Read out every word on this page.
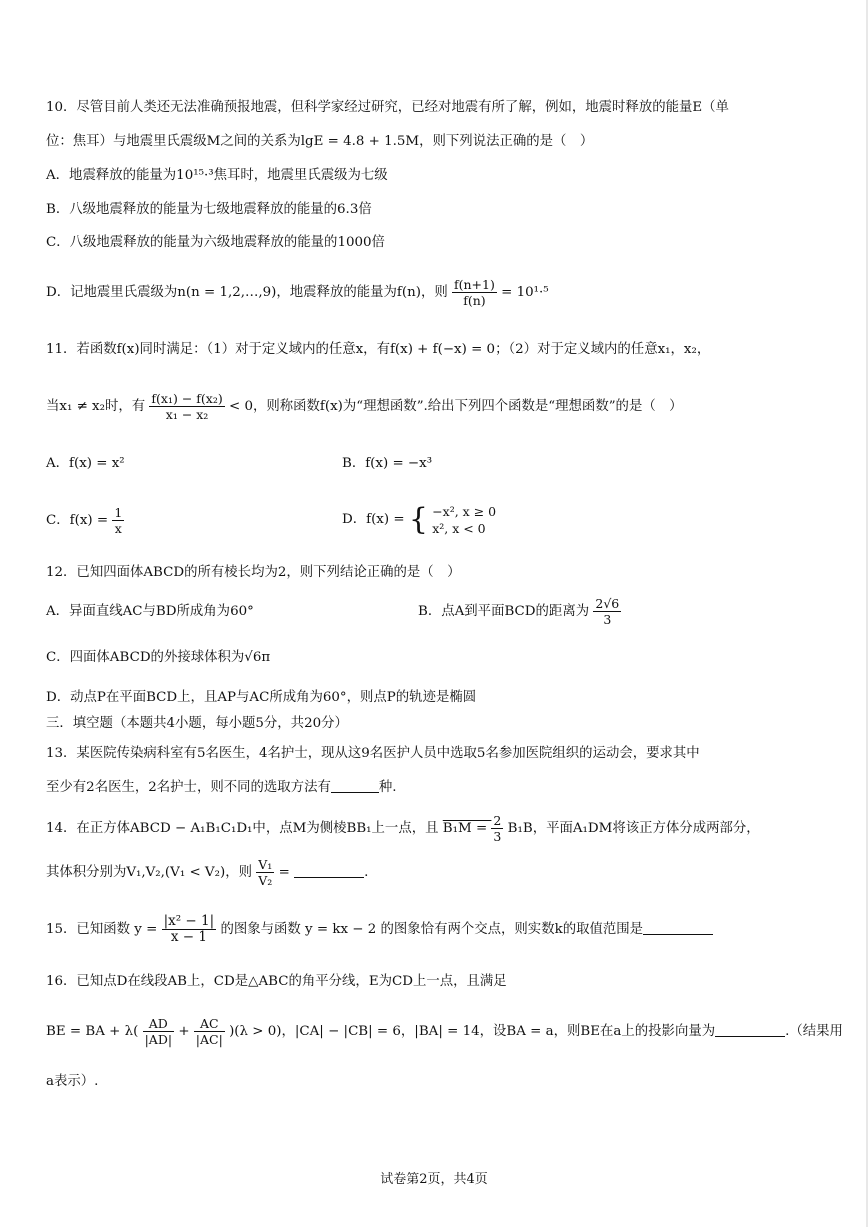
10．尽管目前人类还无法准确预报地震，但科学家经过研究，已经对地震有所了解，例如，地震时释放的能量E（单
位：焦耳）与地震里氏震级M之间的关系为lgE = 4.8 + 1.5M，则下列说法正确的是（　）
A．地震释放的能量为10¹⁵·³焦耳时，地震里氏震级为七级
B．八级地震释放的能量为七级地震释放的能量的6.3倍
C．八级地震释放的能量为六级地震释放的能量的1000倍
D．记地震里氏震级为n(n = 1,2,…,9)，地震释放的能量为f(n)，则 $\frac{f(n+1)}{f(n)} = 10^1\cdot^5$
11．若函数f(x)同时满足：（1）对于定义域内的任意x，有f(x) + f(−x) = 0；（2）对于定义域内的任意x₁，x₂，
当x₁ ≠ x₂时，有 $\frac{\text{f(x₁) − f(x₂)}}{\text{x₁ − x₂}} < 0$，则称函数f(x)为“理想函数”.给出下列四个函数是“理想函数”的是（　）
A．f(x) = x²	B．f(x) = −x³
C．$f(x) = \frac{1}{x}$	D．f(x) = { −x², x ≥ 0
x², x < 0
12．已知四面体ABCD的所有棱长均为2，则下列结论正确的是（　）
A．异面直线AC与BD所成角为60°	B．点A到平面BCD的距离为 $\frac{2√6}{3}$
C．四面体ABCD的外接球体积为√6π
D．动点P在平面BCD上，且AP与AC所成角为60°，则点P的轨迹是椭圆
三．填空题（本题共4小题，每小题5分，共20分）
13．某医院传染病科室有5名医生，4名护士，现从这9名医护人员中选取5名参加医院组织的运动会，要求其中
至少有2名医生，2名护士，则不同的选取方法有	种.
14．在正方体ABCD − A₁B₁C₁D₁中，点M为侧棱BB₁上一点，且 $B_1M = \frac{2}{3} B_1B$，平面A₁DM将该正方体分成两部分，
其体积分别为V₁,V₂,(V₁ < V₂)，则 $\frac{\text{V₁}}{\text{V₂}}$ =	.
15．已知函数 $y = \frac{\text{|x² − 1|}}{x - 1}$ 的图象与函数 y = kx − 2 的图象恰有两个交点，则实数k的取值范围是
16．已知点D在线段AB上，CD是△ABC的角平分线，E为CD上一点，且满足
BE = BA + $\lambda( \frac{AD}{|AD|} + \frac{AC}{|AC|} )(\lambda > 0)$，|CA| − |CB| = 6，|BA| = 14，设BA = a，则BE在a上的投影向量为	.（结果用
a表示）.
试卷第2页，共4页
